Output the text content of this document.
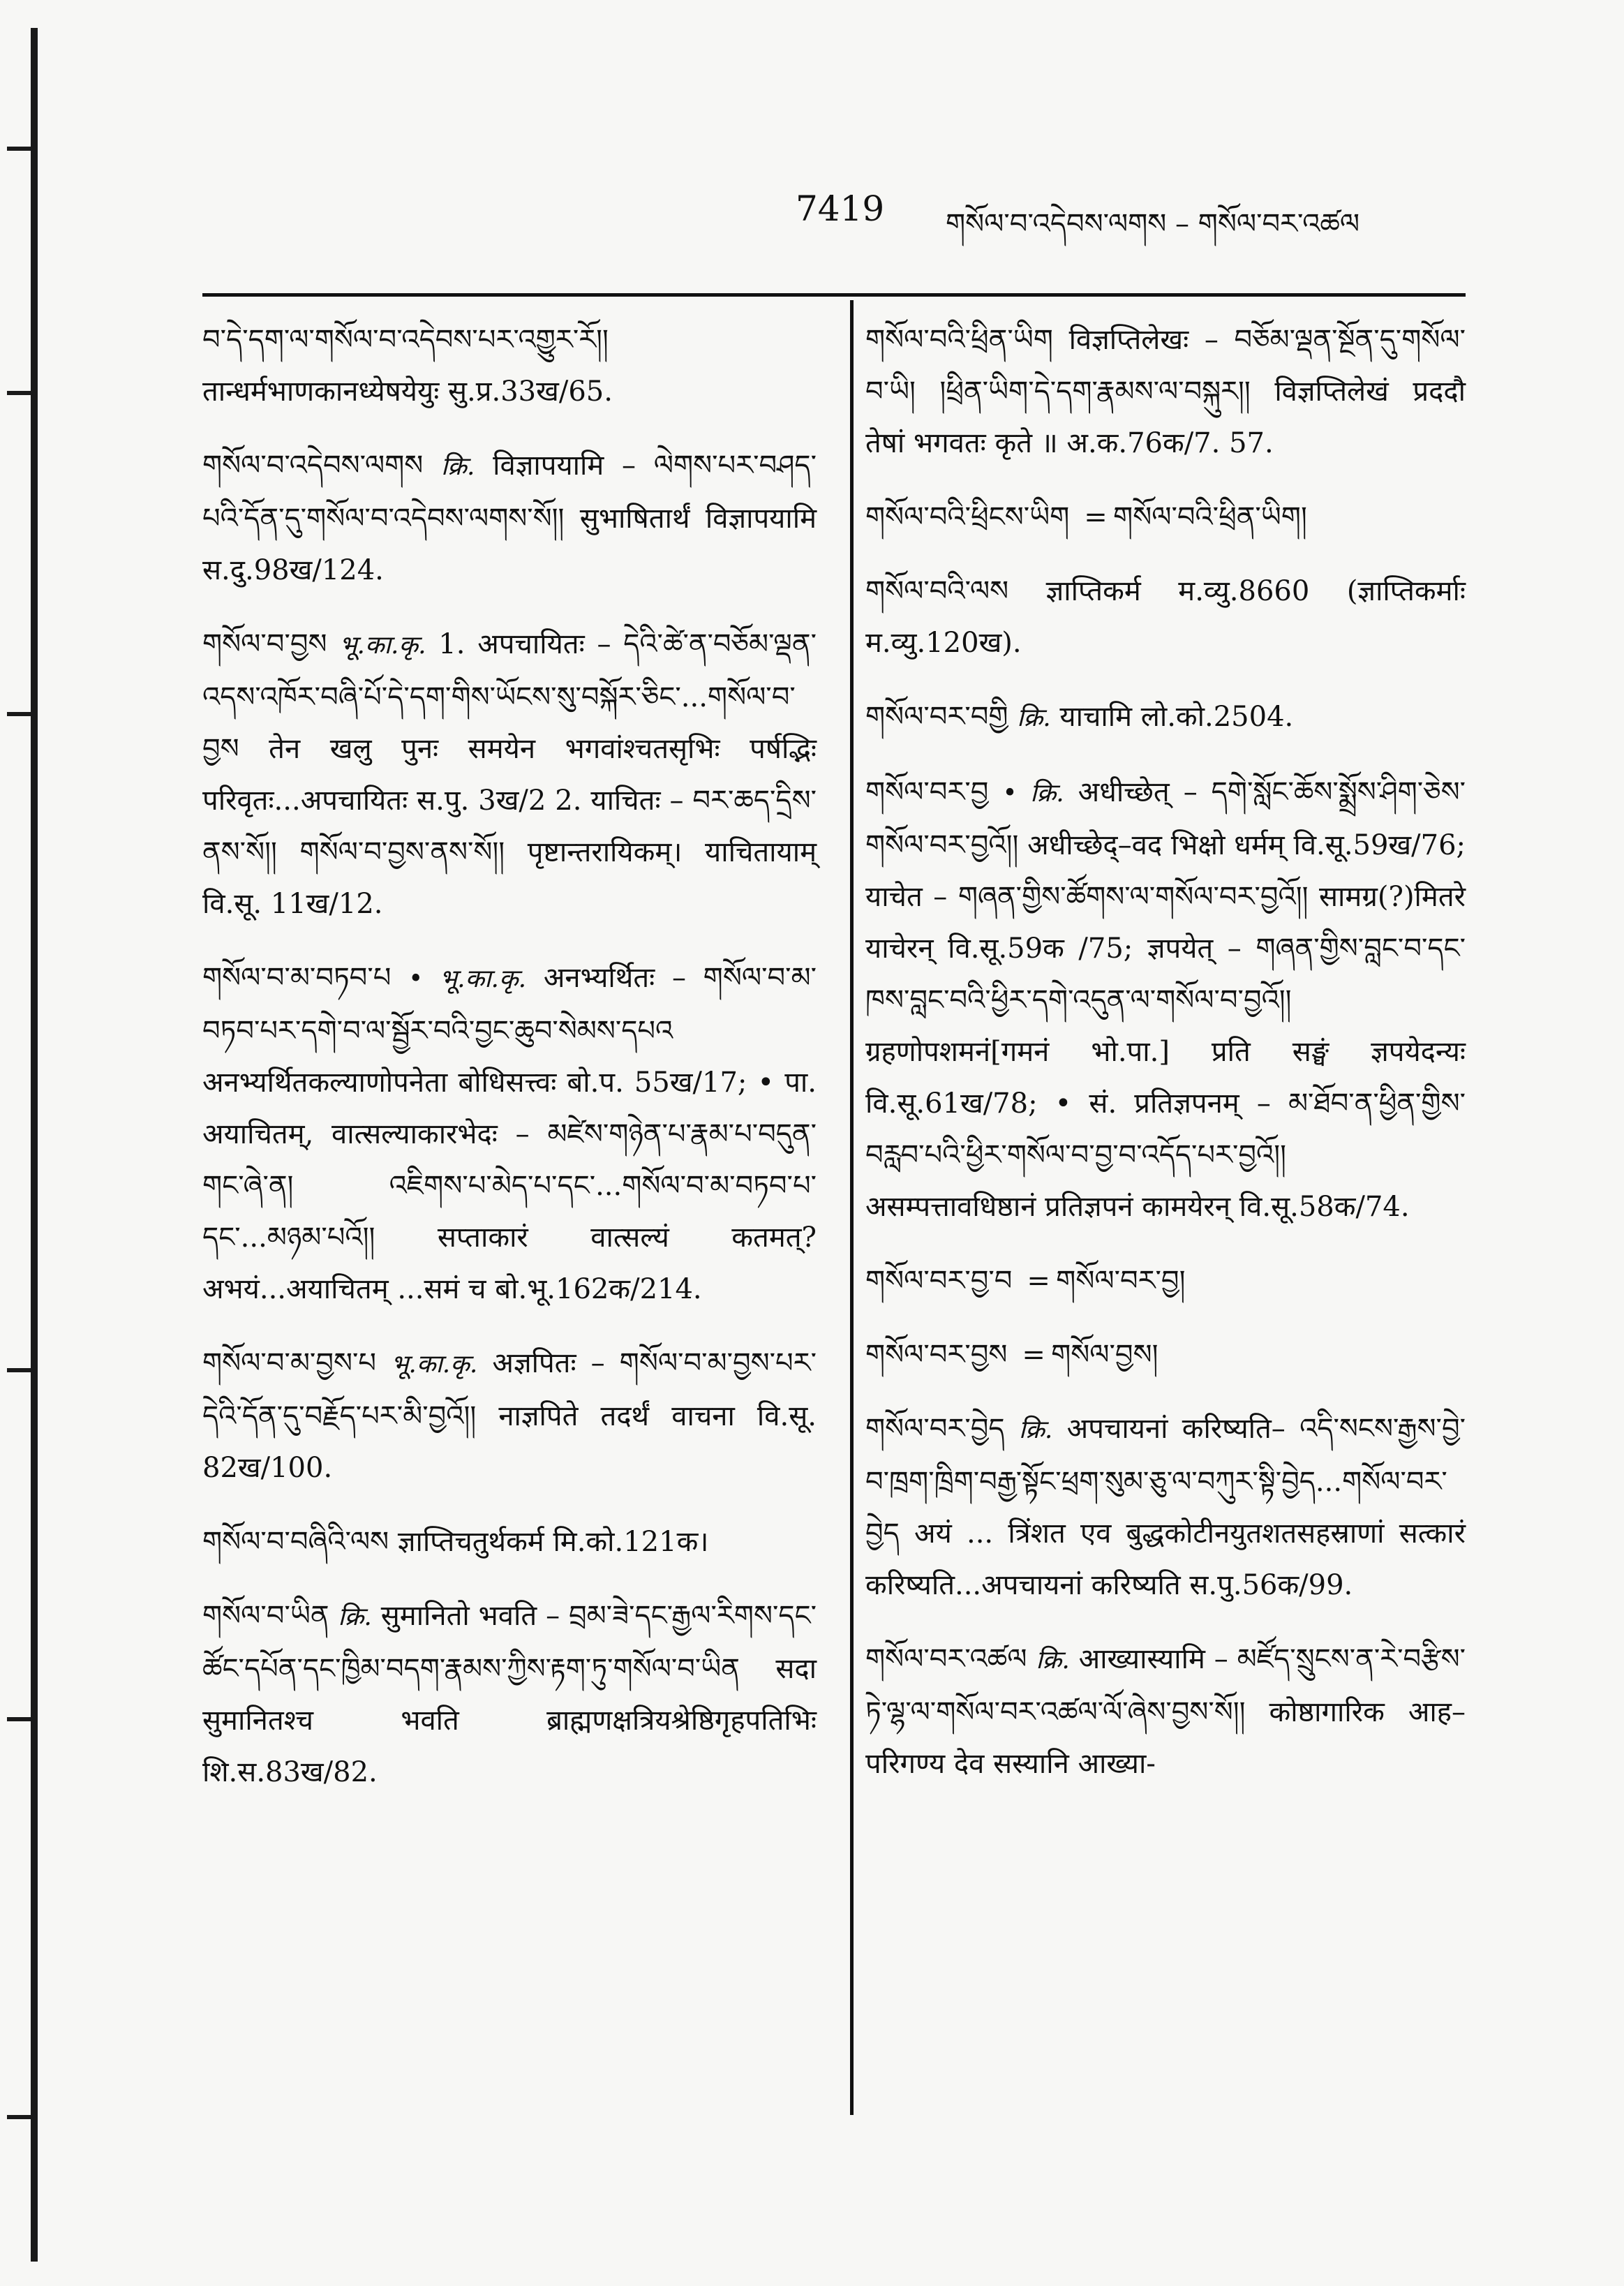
7419 གསོལ་བ་འདེབས་ལགས – གསོལ་བར་འཚལ
བ་དེ་དག་ལ་གསོལ་བ་འདེབས་པར་འགྱུར་རོ།། तान्धर्मभाणकानध्येषयेयुः सु.प्र.33ख/65.
གསོལ་བ་འདེབས་ལགས क्रि. विज्ञापयामि – ལེགས་པར་བཤད་པའི་དོན་དུ་གསོལ་བ་འདེབས་ལགས་སོ།། सुभाषितार्थं विज्ञापयामि स.दु.98ख/124.
གསོལ་བ་བྱས भू.का.कृ. 1. अपचायितः – དེའི་ཚེ་ན་བཅོམ་ལྡན་འདས་འཁོར་བཞི་པོ་དེ་དག་གིས་ཡོངས་སུ་བསྐོར་ཅིང་...གསོལ་བ་བྱས तेन खलु पुनः समयेन भगवांश्चतसृभिः पर्षद्भिः परिवृतः...अपचायितः स.पु. 3ख/2 2. याचितः – བར་ཆད་དྲིས་ནས་སོ།། གསོལ་བ་བྱས་ནས་སོ།། पृष्टान्तरायिकम्। याचितायाम् वि.सू. 11ख/12.
གསོལ་བ་མ་བཏབ་པ • भू.का.कृ. अनभ्यर्थितः – གསོལ་བ་མ་བཏབ་པར་དགེ་བ་ལ་སྦྱོར་བའི་བྱང་ཆུབ་སེམས་དཔའ अनभ्यर्थितकल्याणोपनेता बोधिसत्त्वः बो.प. 55ख/17; • पा. अयाचितम्, वात्सल्याकारभेदः – མཛེས་གཉེན་པ་རྣམ་པ་བདུན་གང་ཞེ་ན། འཇིགས་པ་མེད་པ་དང་...གསོལ་བ་མ་བཏབ་པ་དང་...མཉམ་པའོ།། सप्ताकारं वात्सल्यं कतमत्? अभयं...अयाचितम् ...समं च बो.भू.162क/214.
གསོལ་བ་མ་བྱས་པ भू.का.कृ. अज्ञपितः – གསོལ་བ་མ་བྱས་པར་དེའི་དོན་དུ་བརྗོད་པར་མི་བྱའོ།། नाज्ञपिते तदर्थं वाचना वि.सू. 82ख/100.
གསོལ་བ་བཞིའི་ལས ज्ञाप्तिचतुर्थकर्म मि.को.121क।
གསོལ་བ་ཡིན क्रि. सुमानितो भवति – བྲམ་ཟེ་དང་རྒྱལ་རིགས་དང་ཚོང་དཔོན་དང་ཁྱིམ་བདག་རྣམས་ཀྱིས་རྟག་ཏུ་གསོལ་བ་ཡིན सदा सुमानितश्च भवति ब्राह्मणक्षत्रियश्रेष्ठिगृहपतिभिः शि.स.83ख/82.
གསོལ་བའི་ཕྲིན་ཡིག विज्ञप्तिलेखः – བཅོམ་ལྡན་སྔོན་དུ་གསོལ་བ་ཡི། །ཕྲིན་ཡིག་དེ་དག་རྣམས་ལ་བསྐུར།། विज्ञप्तिलेखं प्रददौ तेषां भगवतः कृते ॥ अ.क.76क/7. 57.
གསོལ་བའི་ཕྲིངས་ཡིག = གསོལ་བའི་ཕྲིན་ཡིག།
གསོལ་བའི་ལས ज्ञाप्तिकर्म म.व्यु.8660 (ज्ञाप्तिकर्माः म.व्यु.120ख).
གསོལ་བར་བགྱི क्रि. याचामि लो.को.2504.
གསོལ་བར་བྱ • क्रि. अधीच्छेत् – དགེ་སློང་ཆོས་སྨྲོས་ཤིག་ཅེས་གསོལ་བར་བྱའོ།། अधीच्छेद्–वद भिक्षो धर्मम् वि.सू.59ख/76; याचेत – གཞན་གྱིས་ཚོགས་ལ་གསོལ་བར་བྱའོ།། सामग्र(?)मितरे याचेरन् वि.सू.59क /75; ज्ञपयेत् – གཞན་གྱིས་བླང་བ་དང་ཁས་བླང་བའི་ཕྱིར་དགེ་འདུན་ལ་གསོལ་བ་བྱའོ།། ग्रहणोपशमनं[गमनं भो.पा.] प्रति सङ्घं ज्ञपयेदन्यः वि.सू.61ख/78; • सं. प्रतिज्ञपनम् – མ་ཐོབ་ན་ཕྱིན་གྱིས་བརླབ་པའི་ཕྱིར་གསོལ་བ་བྱ་བ་འདོད་པར་བྱའོ།། असम्पत्तावधिष्ठानं प्रतिज्ञपनं कामयेरन् वि.सू.58क/74.
གསོལ་བར་བྱ་བ = གསོལ་བར་བྱ།
གསོལ་བར་བྱས = གསོལ་བྱས།
གསོལ་བར་བྱེད क्रि. अपचायनां करिष्यति– འདི་སངས་རྒྱས་བྱེ་བ་ཁྲག་ཁྲིག་བརྒྱ་སྟོང་ཕྲག་སུམ་ཅུ་ལ་བཀུར་སྟི་བྱེད...གསོལ་བར་བྱེད अयं ... त्रिंशत एव बुद्धकोटीनयुतशतसहस्राणां सत्कारं करिष्यति...अपचायनां करिष्यति स.पु.56क/99.
གསོལ་བར་འཚལ क्रि. आख्यास्यामि – མཛོད་སྲུངས་ན་རེ་བརྩིས་ཏེ་ལྷ་ལ་གསོལ་བར་འཚལ་ལོ་ཞེས་བྱས་སོ།། कोष्ठागारिक आह–परिगण्य देव सस्यानि आख्या-
